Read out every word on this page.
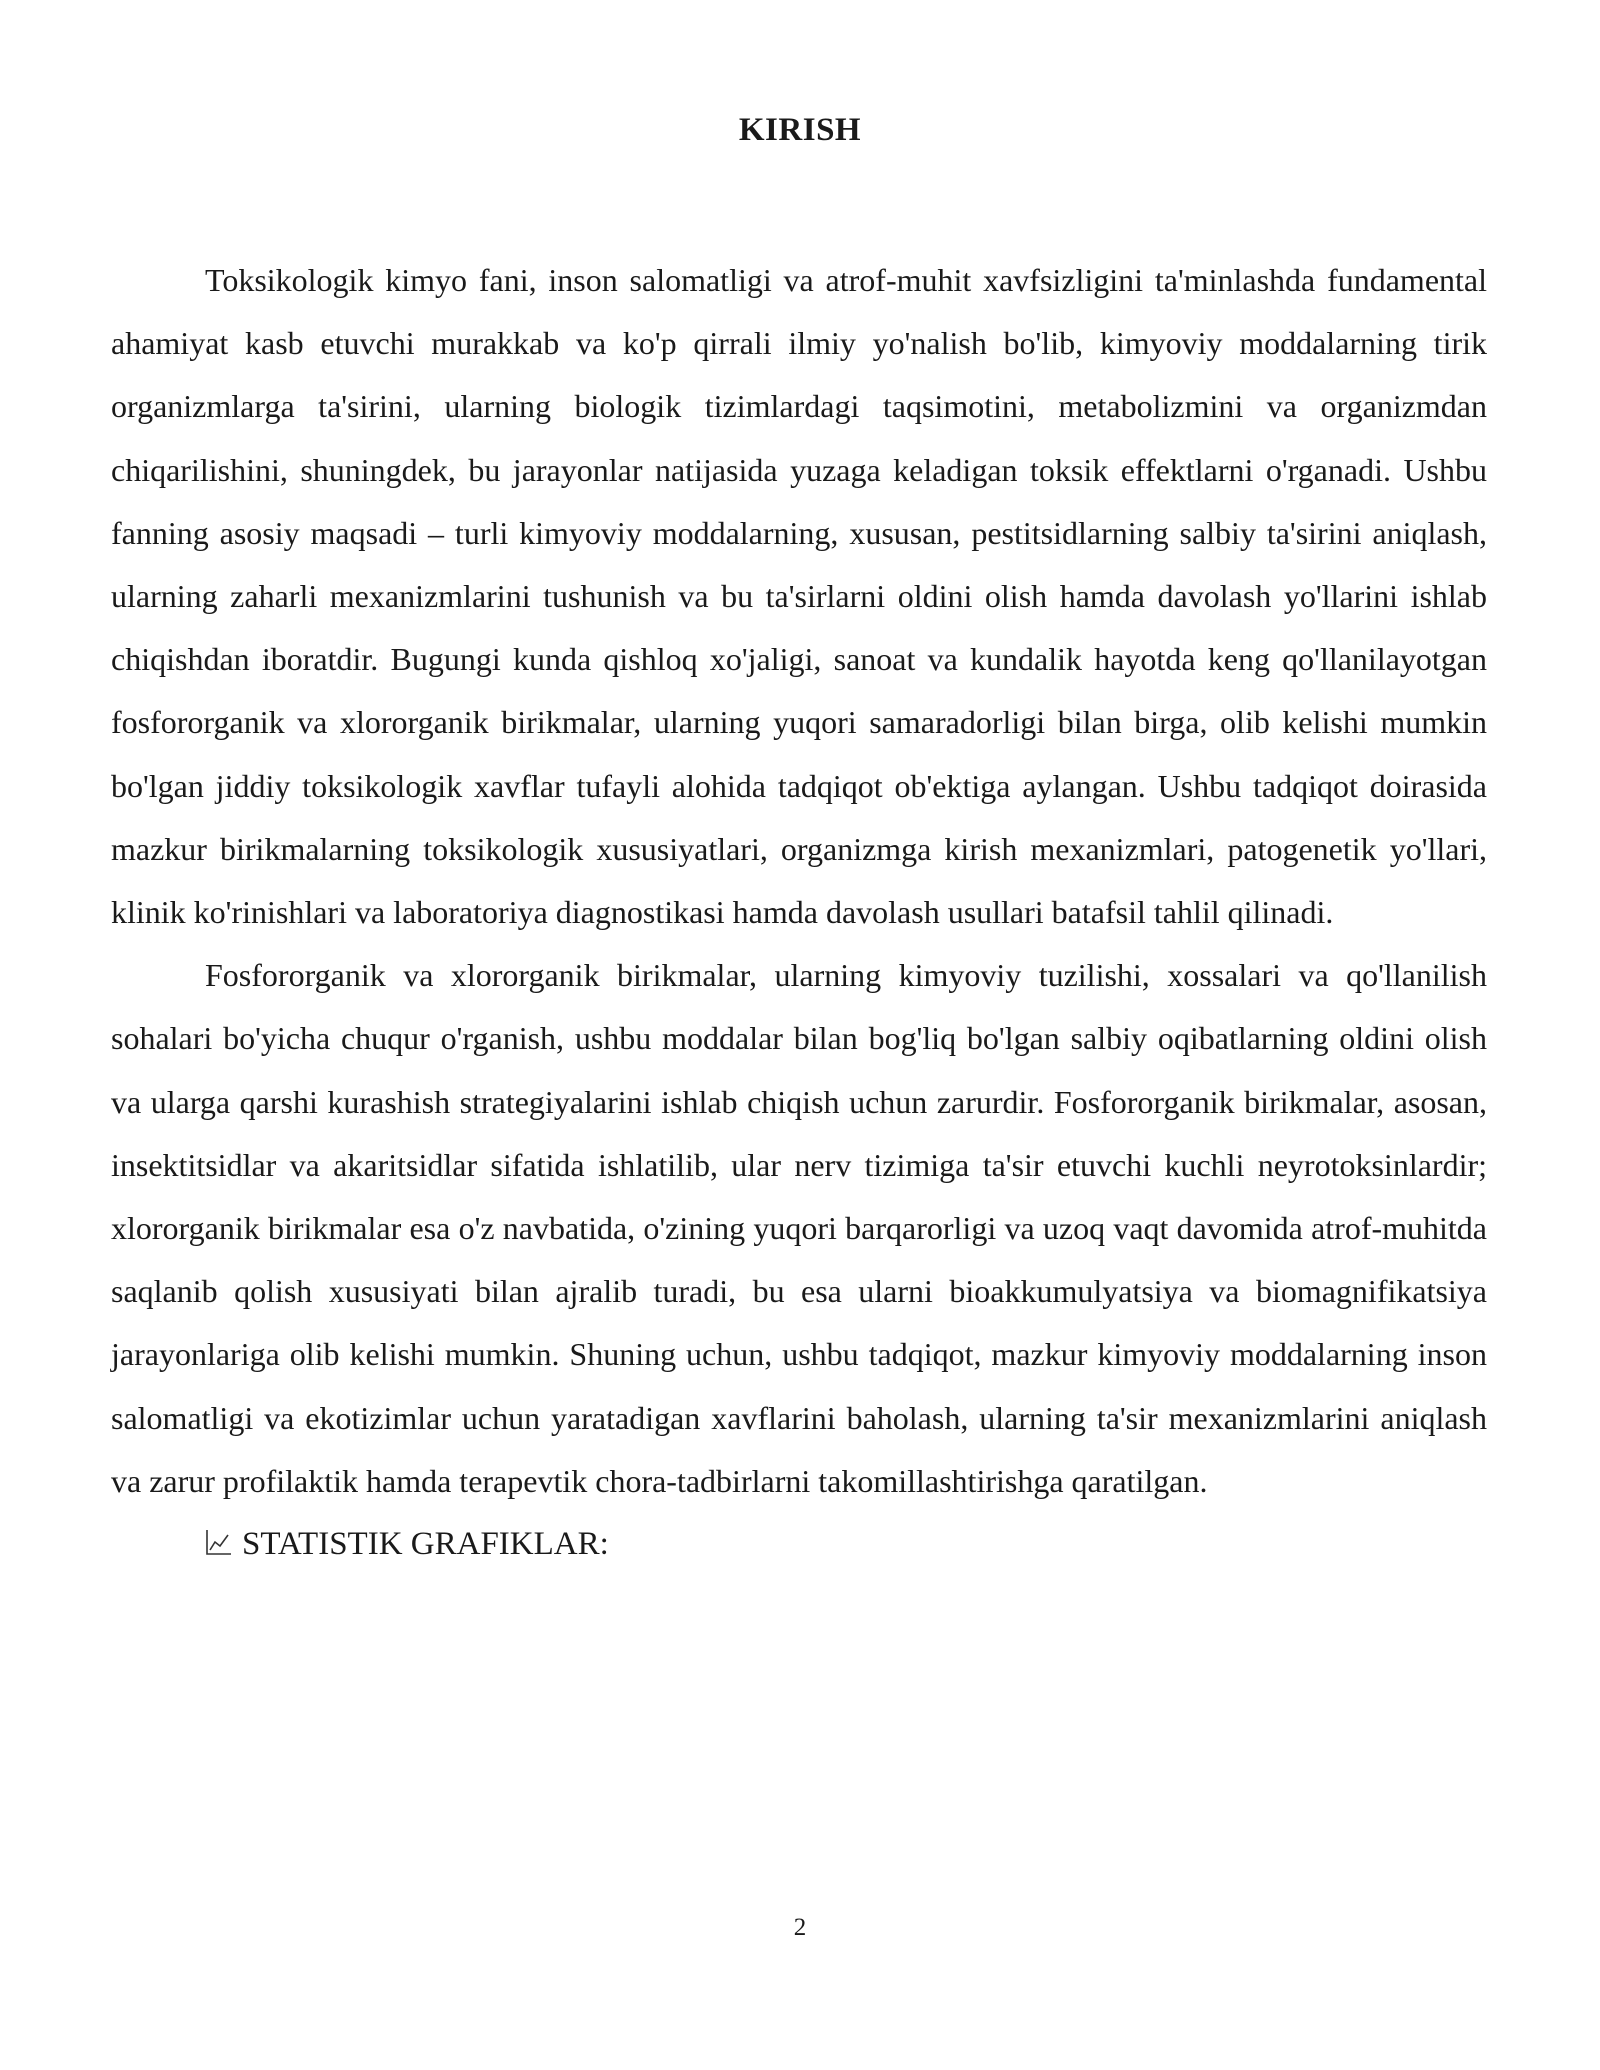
KIRISH

Toksikologik kimyo fani, inson salomatligi va atrof-muhit xavfsizligini ta'minlashda fundamental ahamiyat kasb etuvchi murakkab va ko'p qirrali ilmiy yo'nalish bo'lib, kimyoviy moddalarning tirik organizmlarga ta'sirini, ularning biologik tizimlardagi taqsimotini, metabolizmini va organizmdan chiqarilishini, shuningdek, bu jarayonlar natijasida yuzaga keladigan toksik effektlarni o'rganadi. Ushbu fanning asosiy maqsadi – turli kimyoviy moddalarning, xususan, pestitsidlarning salbiy ta'sirini aniqlash, ularning zaharli mexanizmlarini tushunish va bu ta'sirlarni oldini olish hamda davolash yo'llarini ishlab chiqishdan iboratdir. Bugungi kunda qishloq xo'jaligi, sanoat va kundalik hayotda keng qo'llanilayotgan fosfororganik va xlororganik birikmalar, ularning yuqori samaradorligi bilan birga, olib kelishi mumkin bo'lgan jiddiy toksikologik xavflar tufayli alohida tadqiqot ob'ektiga aylangan. Ushbu tadqiqot doirasida mazkur birikmalarning toksikologik xususiyatlari, organizmga kirish mexanizmlari, patogenetik yo'llari, klinik ko'rinishlari va laboratoriya diagnostikasi hamda davolash usullari batafsil tahlil qilinadi.

Fosfororganik va xlororganik birikmalar, ularning kimyoviy tuzilishi, xossalari va qo'llanilish sohalari bo'yicha chuqur o'rganish, ushbu moddalar bilan bog'liq bo'lgan salbiy oqibatlarning oldini olish va ularga qarshi kurashish strategiyalarini ishlab chiqish uchun zarurdir. Fosfororganik birikmalar, asosan, insektitsidlar va akaritsidlar sifatida ishlatilib, ular nerv tizimiga ta'sir etuvchi kuchli neyrotoksinlardir; xlororganik birikmalar esa o'z navbatida, o'zining yuqori barqarorligi va uzoq vaqt davomida atrof-muhitda saqlanib qolish xususiyati bilan ajralib turadi, bu esa ularni bioakkumulyatsiya va biomagnifikatsiya jarayonlariga olib kelishi mumkin. Shuning uchun, ushbu tadqiqot, mazkur kimyoviy moddalarning inson salomatligi va ekotizimlar uchun yaratadigan xavflarini baholash, ularning ta'sir mexanizmlarini aniqlash va zarur profilaktik hamda terapevtik chora-tadbirlarni takomillashtirishga qaratilgan.

STATISTIK GRAFIKLAR:
2
